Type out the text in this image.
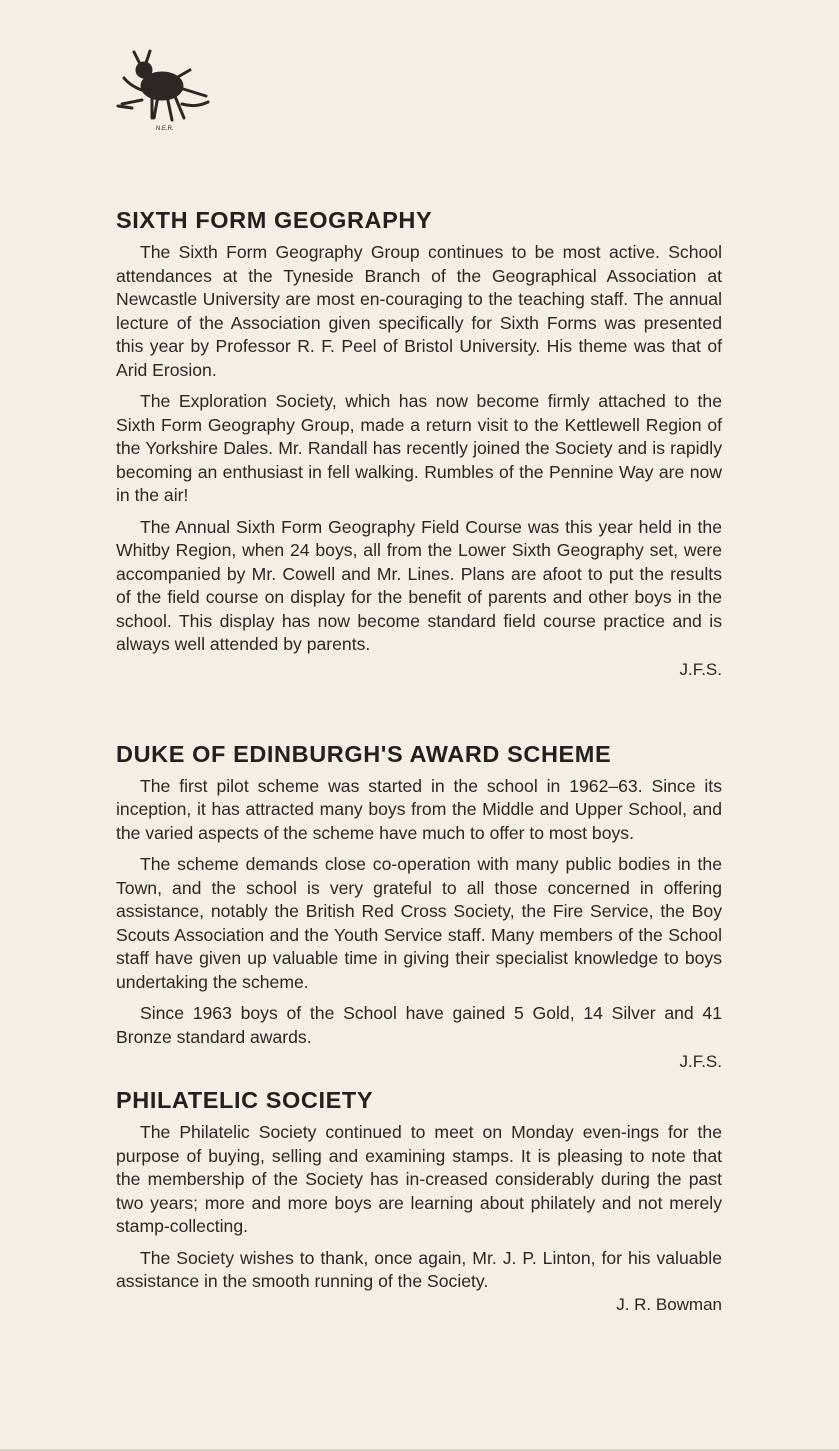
N.E.R.
SIXTH FORM GEOGRAPHY

The Sixth Form Geography Group continues to be most active. School attendances at the Tyneside Branch of the Geographical Association at Newcastle University are most en-couraging to the teaching staff. The annual lecture of the Association given specifically for Sixth Forms was presented this year by Professor R. F. Peel of Bristol University. His theme was that of Arid Erosion.

The Exploration Society, which has now become firmly attached to the Sixth Form Geography Group, made a return visit to the Kettlewell Region of the Yorkshire Dales. Mr. Randall has recently joined the Society and is rapidly becoming an enthusiast in fell walking. Rumbles of the Pennine Way are now in the air!

The Annual Sixth Form Geography Field Course was this year held in the Whitby Region, when 24 boys, all from the Lower Sixth Geography set, were accompanied by Mr. Cowell and Mr. Lines. Plans are afoot to put the results of the field course on display for the benefit of parents and other boys in the school. This display has now become standard field course practice and is always well attended by parents.

J.F.S.
DUKE OF EDINBURGH'S AWARD SCHEME

The first pilot scheme was started in the school in 1962–63. Since its inception, it has attracted many boys from the Middle and Upper School, and the varied aspects of the scheme have much to offer to most boys.

The scheme demands close co-operation with many public bodies in the Town, and the school is very grateful to all those concerned in offering assistance, notably the British Red Cross Society, the Fire Service, the Boy Scouts Association and the Youth Service staff. Many members of the School staff have given up valuable time in giving their specialist knowledge to boys undertaking the scheme.

Since 1963 boys of the School have gained 5 Gold, 14 Silver and 41 Bronze standard awards.

J.F.S.
PHILATELIC SOCIETY

The Philatelic Society continued to meet on Monday even-ings for the purpose of buying, selling and examining stamps. It is pleasing to note that the membership of the Society has in-creased considerably during the past two years; more and more boys are learning about philately and not merely stamp-collecting.

The Society wishes to thank, once again, Mr. J. P. Linton, for his valuable assistance in the smooth running of the Society.

J. R. Bowman
